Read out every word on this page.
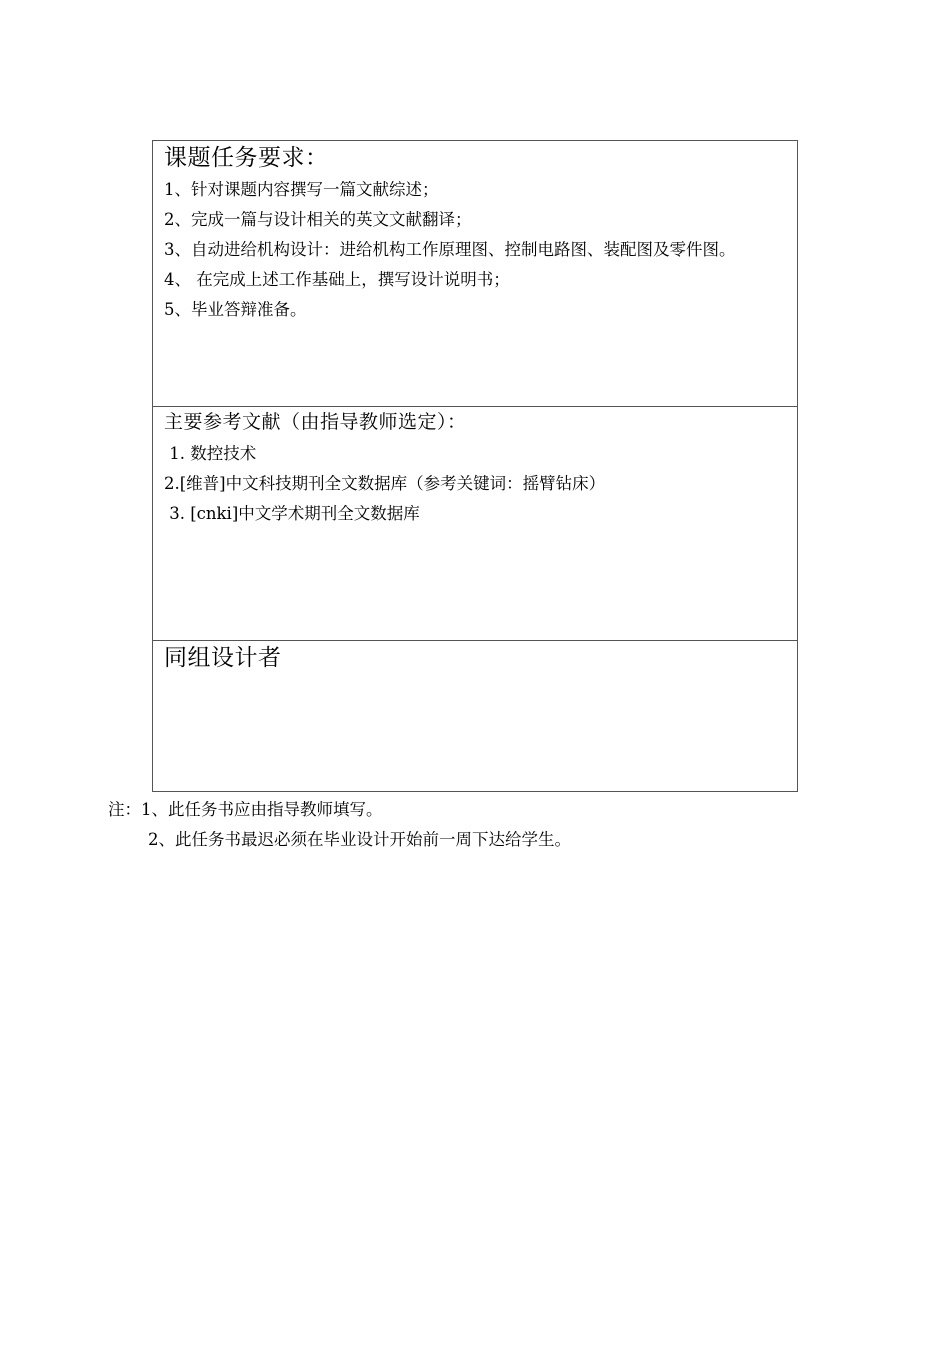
课题任务要求：

1、针对课题内容撰写一篇文献综述；

2、完成一篇与设计相关的英文文献翻译；

3、自动进给机构设计：进给机构工作原理图、控制电路图、装配图及零件图。

4、 在完成上述工作基础上，撰写设计说明书；

5、毕业答辩准备。

主要参考文献（由指导教师选定）：

1. 数控技术

2.[维普]中文科技期刊全文数据库（参考关键词：摇臂钻床）

3. [cnki]中文学术期刊全文数据库

同组设计者

注：1、此任务书应由指导教师填写。

2、此任务书最迟必须在毕业设计开始前一周下达给学生。
